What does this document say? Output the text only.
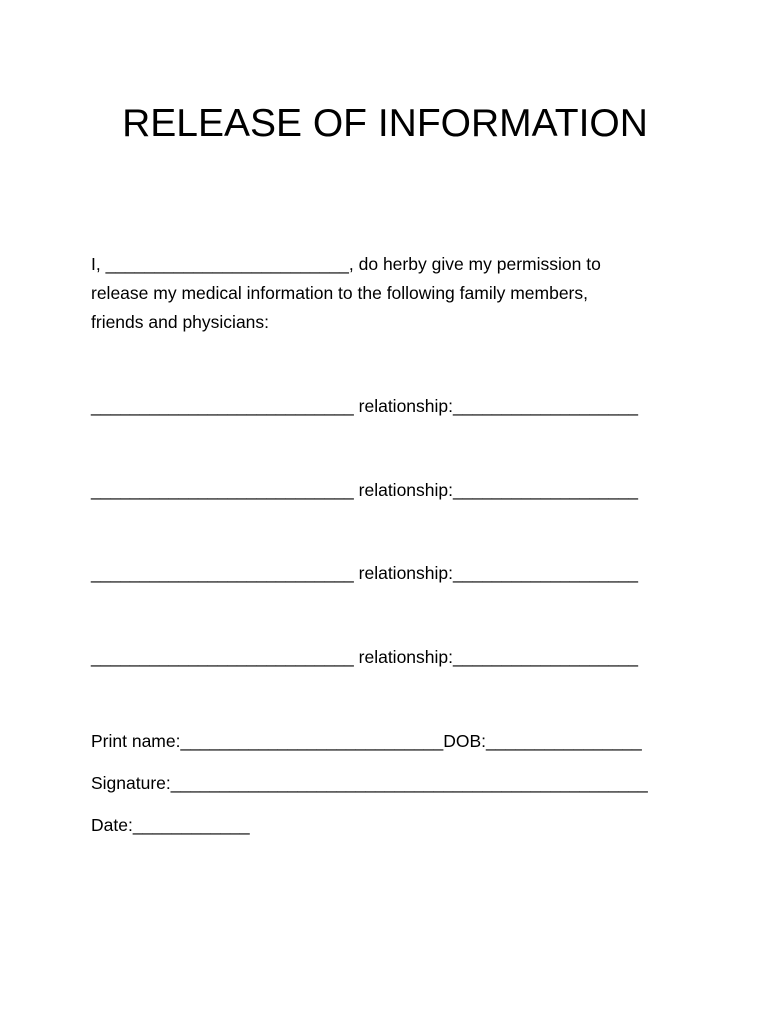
RELEASE OF INFORMATION

I, _________________________, do herby give my permission to

release my medical information to the following family members,

friends and physicians:

___________________________ relationship:___________________

___________________________ relationship:___________________

___________________________ relationship:___________________

___________________________ relationship:___________________

Print name:___________________________DOB:________________

Signature:_________________________________________________

Date:____________
